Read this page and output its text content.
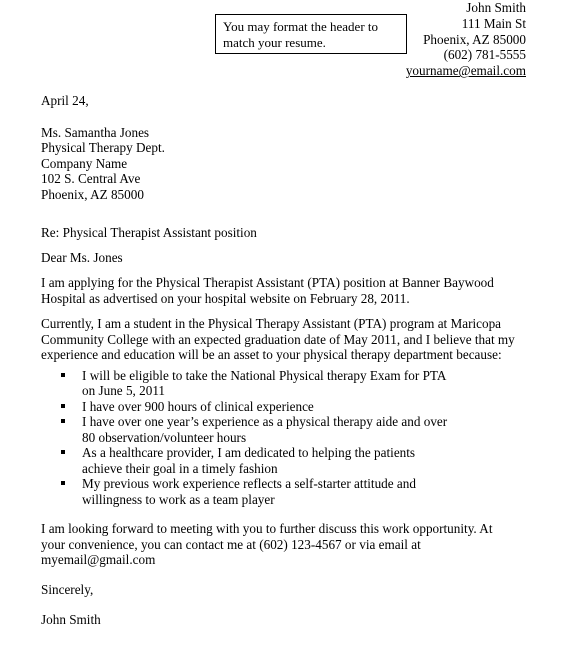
You may format the header to
match your resume.
John Smith
111 Main St
Phoenix, AZ 85000
(602) 781-5555
yourname@email.com
April 24,
Ms. Samantha Jones
Physical Therapy Dept.
Company Name
102 S. Central Ave
Phoenix, AZ 85000
Re: Physical Therapist Assistant position
Dear Ms. Jones
I am applying for the Physical Therapist Assistant (PTA) position at Banner Baywood
Hospital as advertised on your hospital website on February 28, 2011.
Currently, I am a student in the Physical Therapy Assistant (PTA) program at Maricopa
Community College with an expected graduation date of May 2011, and I believe that my
experience and education will be an asset to your physical therapy department because:
I will be eligible to take the National Physical therapy Exam for PTA
on June 5, 2011
I have over 900 hours of clinical experience
I have over one year’s experience as a physical therapy aide and over
80 observation/volunteer hours
As a healthcare provider, I am dedicated to helping the patients
achieve their goal in a timely fashion
My previous work experience reflects a self-starter attitude and
willingness to work as a team player
I am looking forward to meeting with you to further discuss this work opportunity. At
your convenience, you can contact me at (602) 123-4567 or via email at
myemail@gmail.com
Sincerely,
John Smith
